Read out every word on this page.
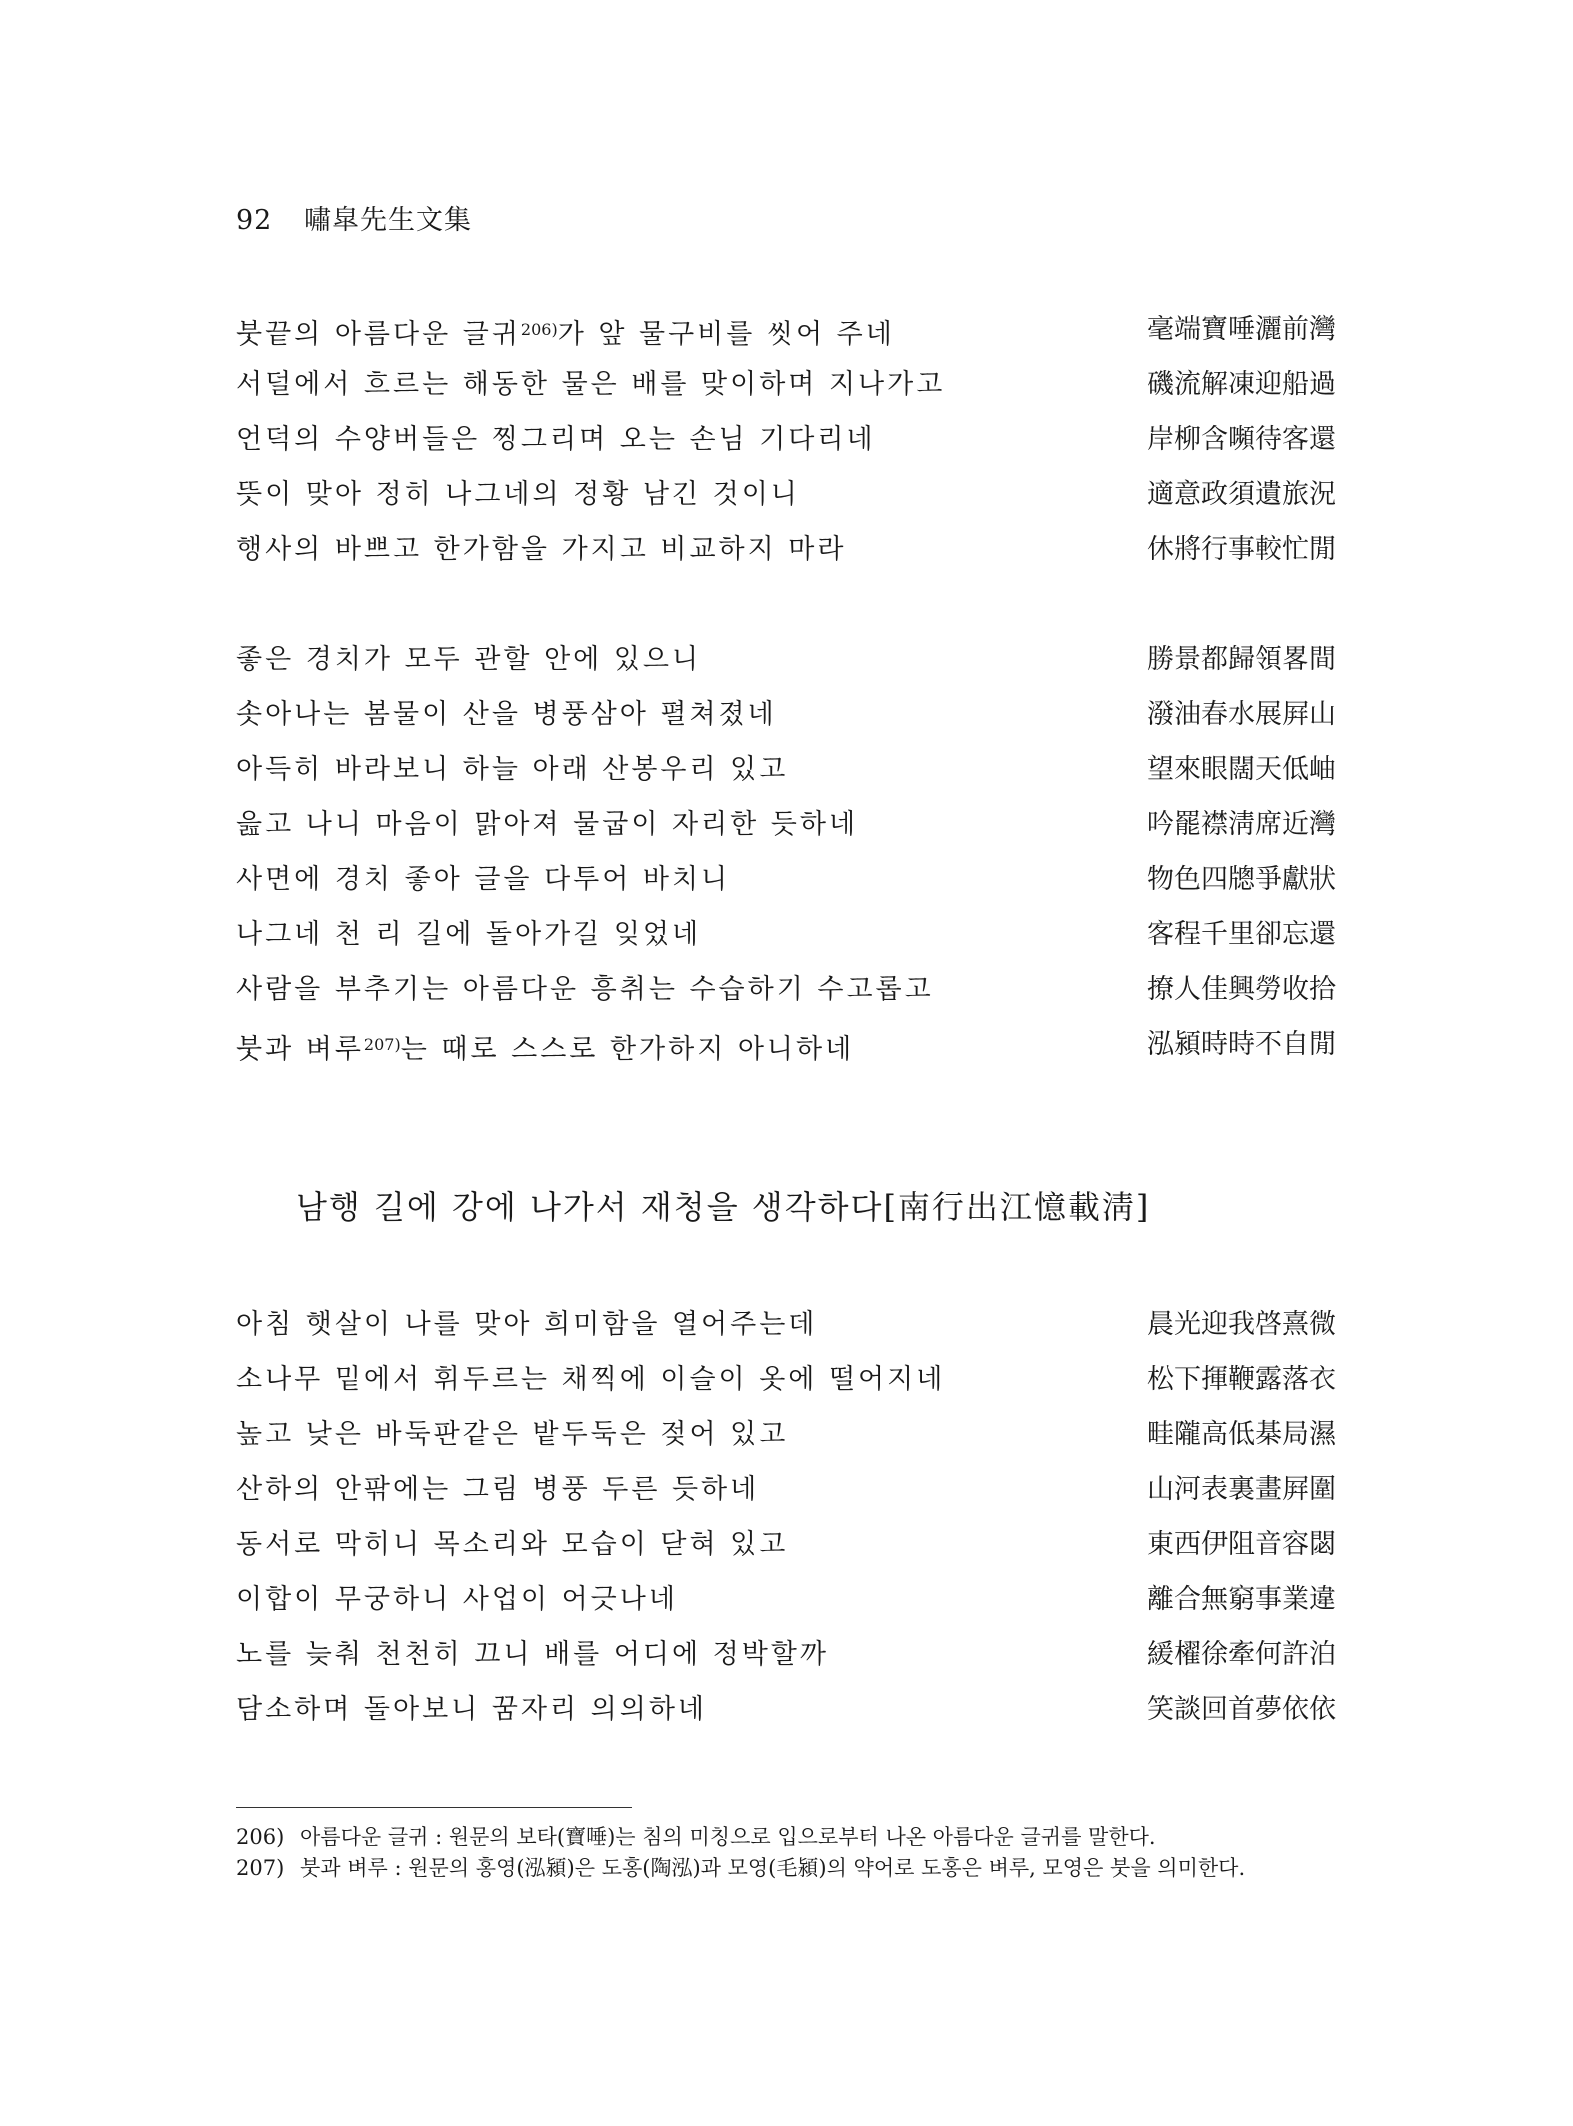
92 嘯皐先生文集
붓끝의 아름다운 글귀$^{206)}$가 앞 물구비를 씻어 주네	毫端寶唾灑前灣
서덜에서 흐르는 해동한 물은 배를 맞이하며 지나가고	磯流解凍迎船過
언덕의 수양버들은 찡그리며 오는 손님 기다리네	岸柳含嚬待客還
뜻이 맞아 정히 나그네의 정황 남긴 것이니	適意政須遺旅況
행사의 바쁘고 한가함을 가지고 비교하지 마라	休將行事較忙閒
좋은 경치가 모두 관할 안에 있으니	勝景都歸領畧間
솟아나는 봄물이 산을 병풍삼아 펼쳐졌네	潑油春水展屛山
아득히 바라보니 하늘 아래 산봉우리 있고	望來眼闊天低岫
읊고 나니 마음이 맑아져 물굽이 자리한 듯하네	吟罷襟淸席近灣
사면에 경치 좋아 글을 다투어 바치니	物色四牕爭獻狀
나그네 천 리 길에 돌아가길 잊었네	客程千里卻忘還
사람을 부추기는 아름다운 흥취는 수습하기 수고롭고	撩人佳興勞收拾
붓과 벼루$^{207)}$는 때로 스스로 한가하지 아니하네	泓潁時時不自閒
남행 길에 강에 나가서 재청을 생각하다[南行出江憶載淸]
아침 햇살이 나를 맞아 희미함을 열어주는데	晨光迎我啓熹微
소나무 밑에서 휘두르는 채찍에 이슬이 옷에 떨어지네	松下揮鞭露落衣
높고 낮은 바둑판같은 밭두둑은 젖어 있고	畦隴高低棊局濕
산하의 안팎에는 그림 병풍 두른 듯하네	山河表裏畫屛圍
동서로 막히니 목소리와 모습이 닫혀 있고	東西伊阻音容閟
이합이 무궁하니 사업이 어긋나네	離合無窮事業違
노를 늦춰 천천히 끄니 배를 어디에 정박할까	緩櫂徐牽何許泊
담소하며 돌아보니 꿈자리 의의하네	笑談回首夢依依
206) 아름다운 글귀 : 원문의 보타(寶唾)는 침의 미칭으로 입으로부터 나온 아름다운 글귀를 말한다.
207) 붓과 벼루 : 원문의 홍영(泓潁)은 도홍(陶泓)과 모영(毛潁)의 약어로 도홍은 벼루, 모영은 붓을 의미한다.
